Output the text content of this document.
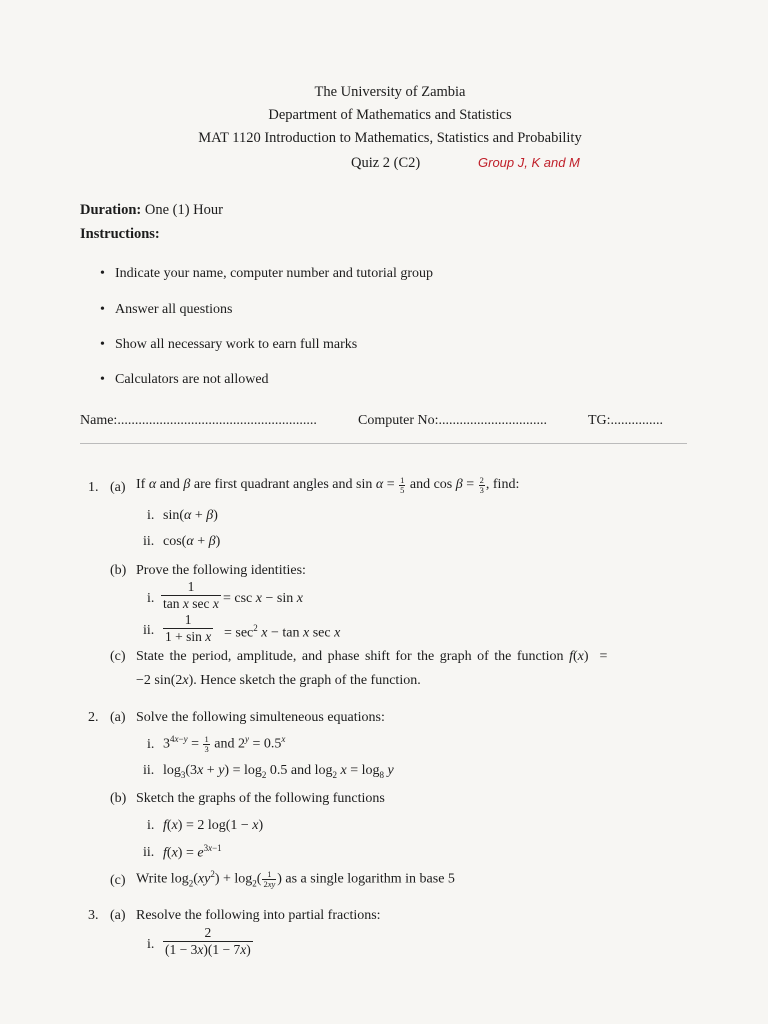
The University of Zambia
Department of Mathematics and Statistics
MAT 1120 Introduction to Mathematics, Statistics and Probability
Quiz 2 (C2)	Group J, K and M
Duration: One (1) Hour
Instructions:
• Indicate your name, computer number and tutorial group
• Answer all questions
• Show all necessary work to earn full marks
• Calculators are not allowed
Name:.........................................................	Computer No:...............................	TG:...............
1. (a) If α and β are first quadrant angles and $\sin \alpha = \frac{1}{5}$ and $\cos \beta = \frac{2}{3}$ , find:
i. sin(α + β)
ii. cos(α + β)
(b) Prove the following identities:
i.
1
tan x sec x = csc x − sin x
ii.
1
$1 + \sin x = \sec^2 x - \tan x$ sec x
(c) State the period, amplitude, and phase shift for the graph of the function f(x)  =
−2 sin(2x). Hence sketch the graph of the function.
2. (a) Solve the following simulteneous equations:
i. $3^{4x-y} = \frac{1}{3}$ and $2^y = 0.5^x$
ii. $\log_3(3x + y) = \log_2 0.5$ and $\log_2 x = \log_8 y$
(b) Sketch the graphs of the following functions
i. f(x) = 2 log(1 − x)
ii. $f(x) = e^{3x-1}$
(c) Write $\log_2(xy^2) + \log_2( \frac{1}{2xy}$ ) as a single logarithm in base 5
3. (a) Resolve the following into partial fractions:
i.
2
(1 − 3x)(1 − 7x)
